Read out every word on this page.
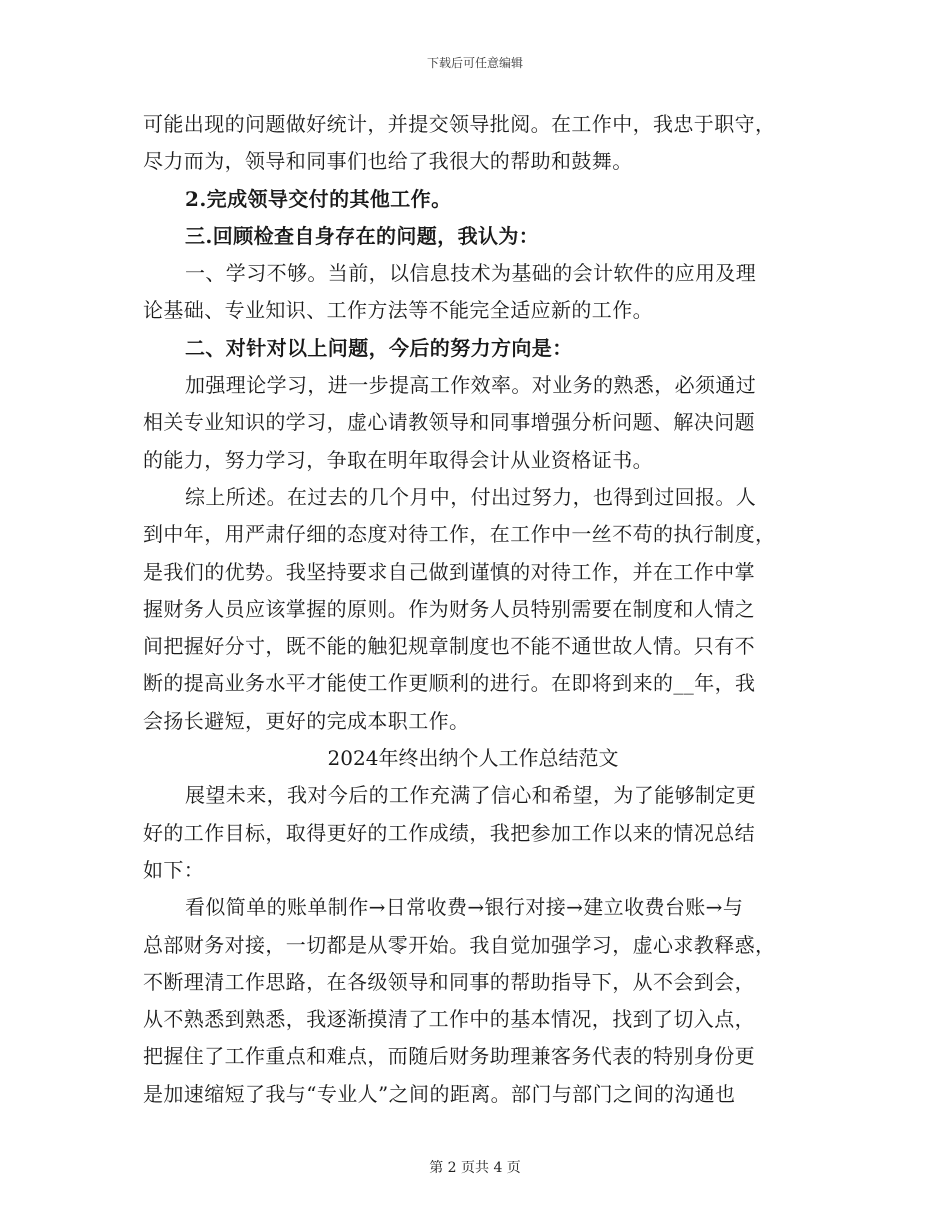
下载后可任意编辑
可能出现的问题做好统计，并提交领导批阅。在工作中，我忠于职守，
尽力而为，领导和同事们也给了我很大的帮助和鼓舞。
2.完成领导交付的其他工作。
三.回顾检查自身存在的问题，我认为：
一、学习不够。当前，以信息技术为基础的会计软件的应用及理
论基础、专业知识、工作方法等不能完全适应新的工作。
二、对针对以上问题，今后的努力方向是：
加强理论学习，进一步提高工作效率。对业务的熟悉，必须通过
相关专业知识的学习，虚心请教领导和同事增强分析问题、解决问题
的能力，努力学习，争取在明年取得会计从业资格证书。
综上所述。在过去的几个月中，付出过努力，也得到过回报。人
到中年，用严肃仔细的态度对待工作，在工作中一丝不苟的执行制度，
是我们的优势。我坚持要求自己做到谨慎的对待工作，并在工作中掌
握财务人员应该掌握的原则。作为财务人员特别需要在制度和人情之
间把握好分寸，既不能的触犯规章制度也不能不通世故人情。只有不
断的提高业务水平才能使工作更顺利的进行。在即将到来的__年，我
会扬长避短，更好的完成本职工作。
2024年终出纳个人工作总结范文
展望未来，我对今后的工作充满了信心和希望，为了能够制定更
好的工作目标，取得更好的工作成绩，我把参加工作以来的情况总结
如下：
看似简单的账单制作→日常收费→银行对接→建立收费台账→与
总部财务对接，一切都是从零开始。我自觉加强学习，虚心求教释惑，
不断理清工作思路，在各级领导和同事的帮助指导下，从不会到会，
从不熟悉到熟悉，我逐渐摸清了工作中的基本情况，找到了切入点，
把握住了工作重点和难点，而随后财务助理兼客务代表的特别身份更
是加速缩短了我与“专业人”之间的距离。部门与部门之间的沟通也
第 2 页共 4 页
